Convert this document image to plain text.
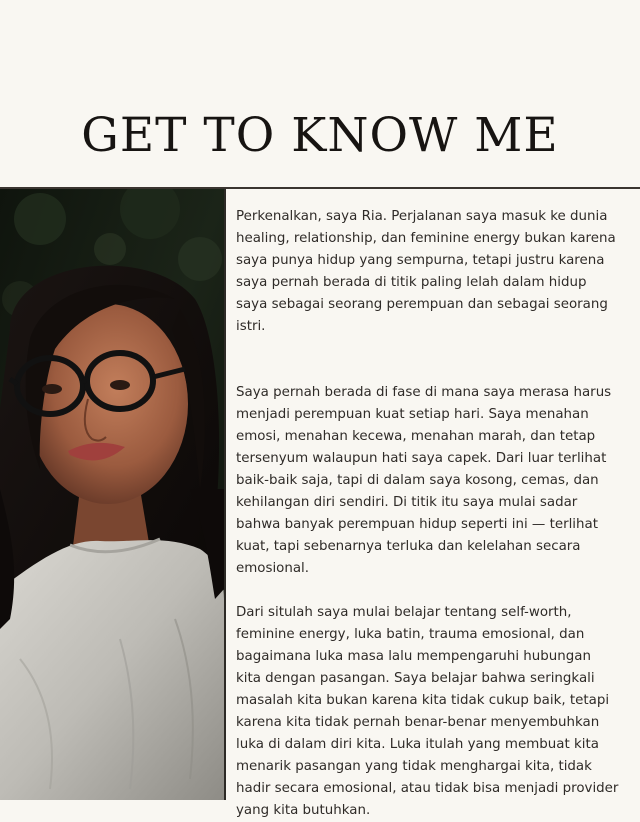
GET TO KNOW ME

Perkenalkan, saya Ria. Perjalanan saya masuk ke dunia healing, relationship, dan feminine energy bukan karena saya punya hidup yang sempurna, tetapi justru karena saya pernah berada di titik paling lelah dalam hidup saya sebagai seorang perempuan dan sebagai seorang istri.

Saya pernah berada di fase di mana saya merasa harus menjadi perempuan kuat setiap hari. Saya menahan emosi, menahan kecewa, menahan marah, dan tetap tersenyum walaupun hati saya capek. Dari luar terlihat baik-baik saja, tapi di dalam saya kosong, cemas, dan kehilangan diri sendiri. Di titik itu saya mulai sadar bahwa banyak perempuan hidup seperti ini — terlihat kuat, tapi sebenarnya terluka dan kelelahan secara emosional.

Dari situlah saya mulai belajar tentang self-worth, feminine energy, luka batin, trauma emosional, dan bagaimana luka masa lalu mempengaruhi hubungan kita dengan pasangan. Saya belajar bahwa seringkali masalah kita bukan karena kita tidak cukup baik, tetapi karena kita tidak pernah benar-benar menyembuhkan luka di dalam diri kita. Luka itulah yang membuat kita menarik pasangan yang tidak menghargai kita, tidak hadir secara emosional, atau tidak bisa menjadi provider yang kita butuhkan.
